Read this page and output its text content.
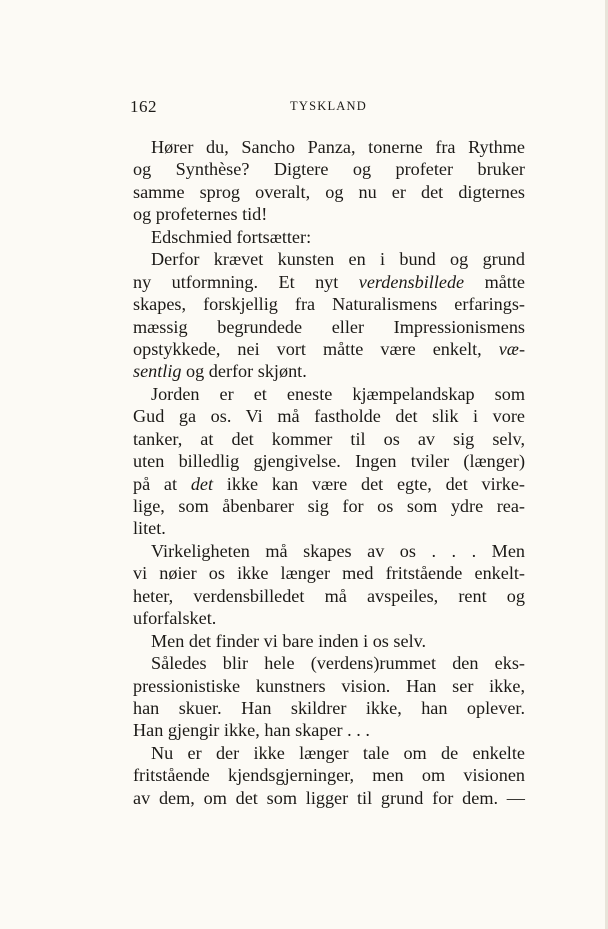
162	TYSKLAND
Hører du, Sancho Panza, tonerne fra Rythme
og Synthèse? Digtere og profeter bruker
samme sprog overalt, og nu er det digternes
og profeternes tid!
Edschmied fortsætter:
Derfor krævet kunsten en i bund og grund
ny utformning. Et nyt verdensbillede måtte
skapes, forskjellig fra Naturalismens erfarings-
mæssig begrundede eller Impressionismens
opstykkede, nei vort måtte være enkelt, væ-
sentlig og derfor skjønt.
Jorden er et eneste kjæmpelandskap som
Gud ga os. Vi må fastholde det slik i vore
tanker, at det kommer til os av sig selv,
uten billedlig gjengivelse. Ingen tviler (længer)
på at det ikke kan være det egte, det virke-
lige, som åbenbarer sig for os som ydre rea-
litet.
Virkeligheten må skapes av os . . . Men
vi nøier os ikke længer med fritstående enkelt-
heter, verdensbilledet må avspeiles, rent og
uforfalsket.
Men det finder vi bare inden i os selv.
Således blir hele (verdens)rummet den eks-
pressionistiske kunstners vision. Han ser ikke,
han skuer. Han skildrer ikke, han oplever.
Han gjengir ikke, han skaper . . .
Nu er der ikke længer tale om de enkelte
fritstående kjendsgjerninger, men om visionen
av dem, om det som ligger til grund for dem. —
